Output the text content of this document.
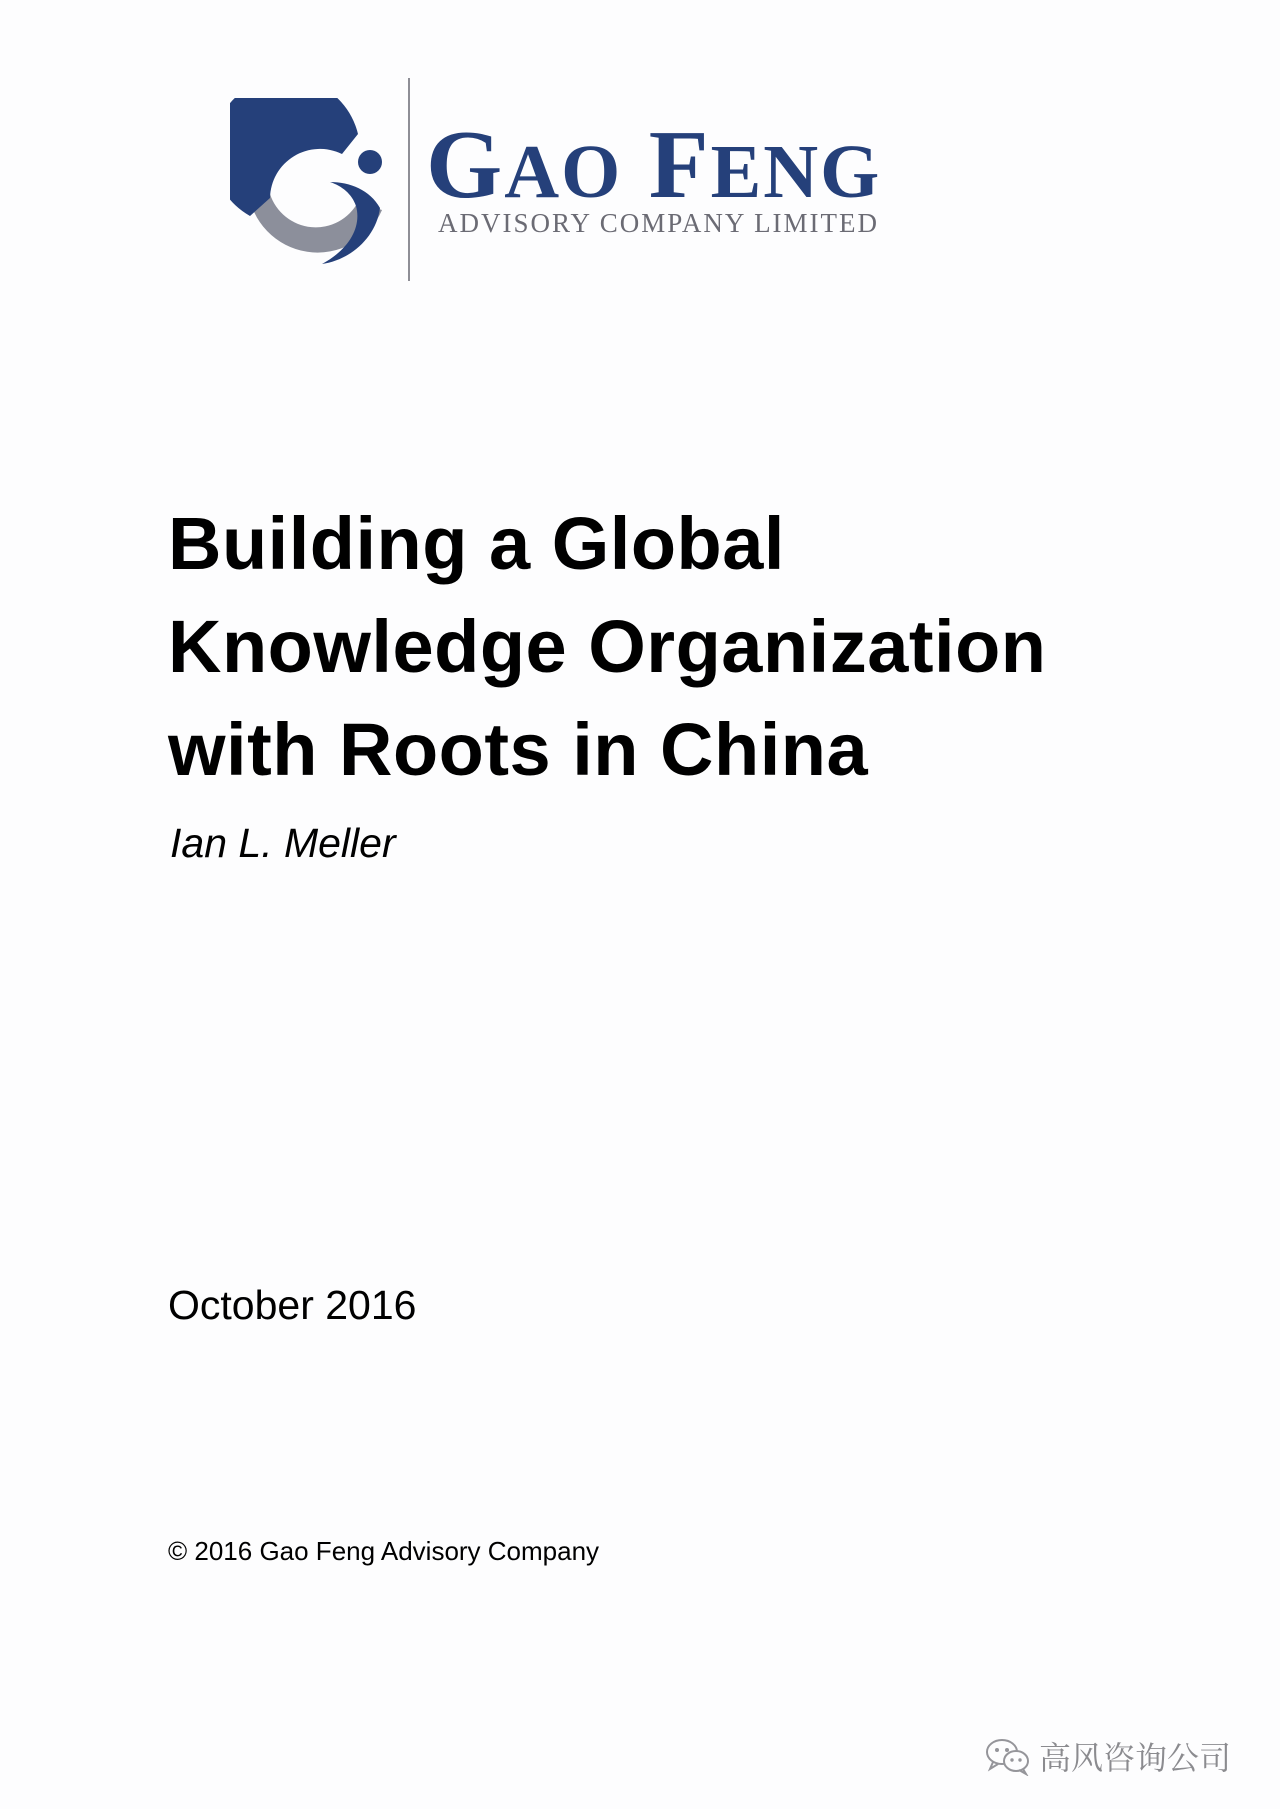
GAO FENG
ADVISORY COMPANY LIMITED
Building a Global
Knowledge Organization
with Roots in China
Ian L. Meller
October 2016
© 2016 Gao Feng Advisory Company
高风咨询公司
